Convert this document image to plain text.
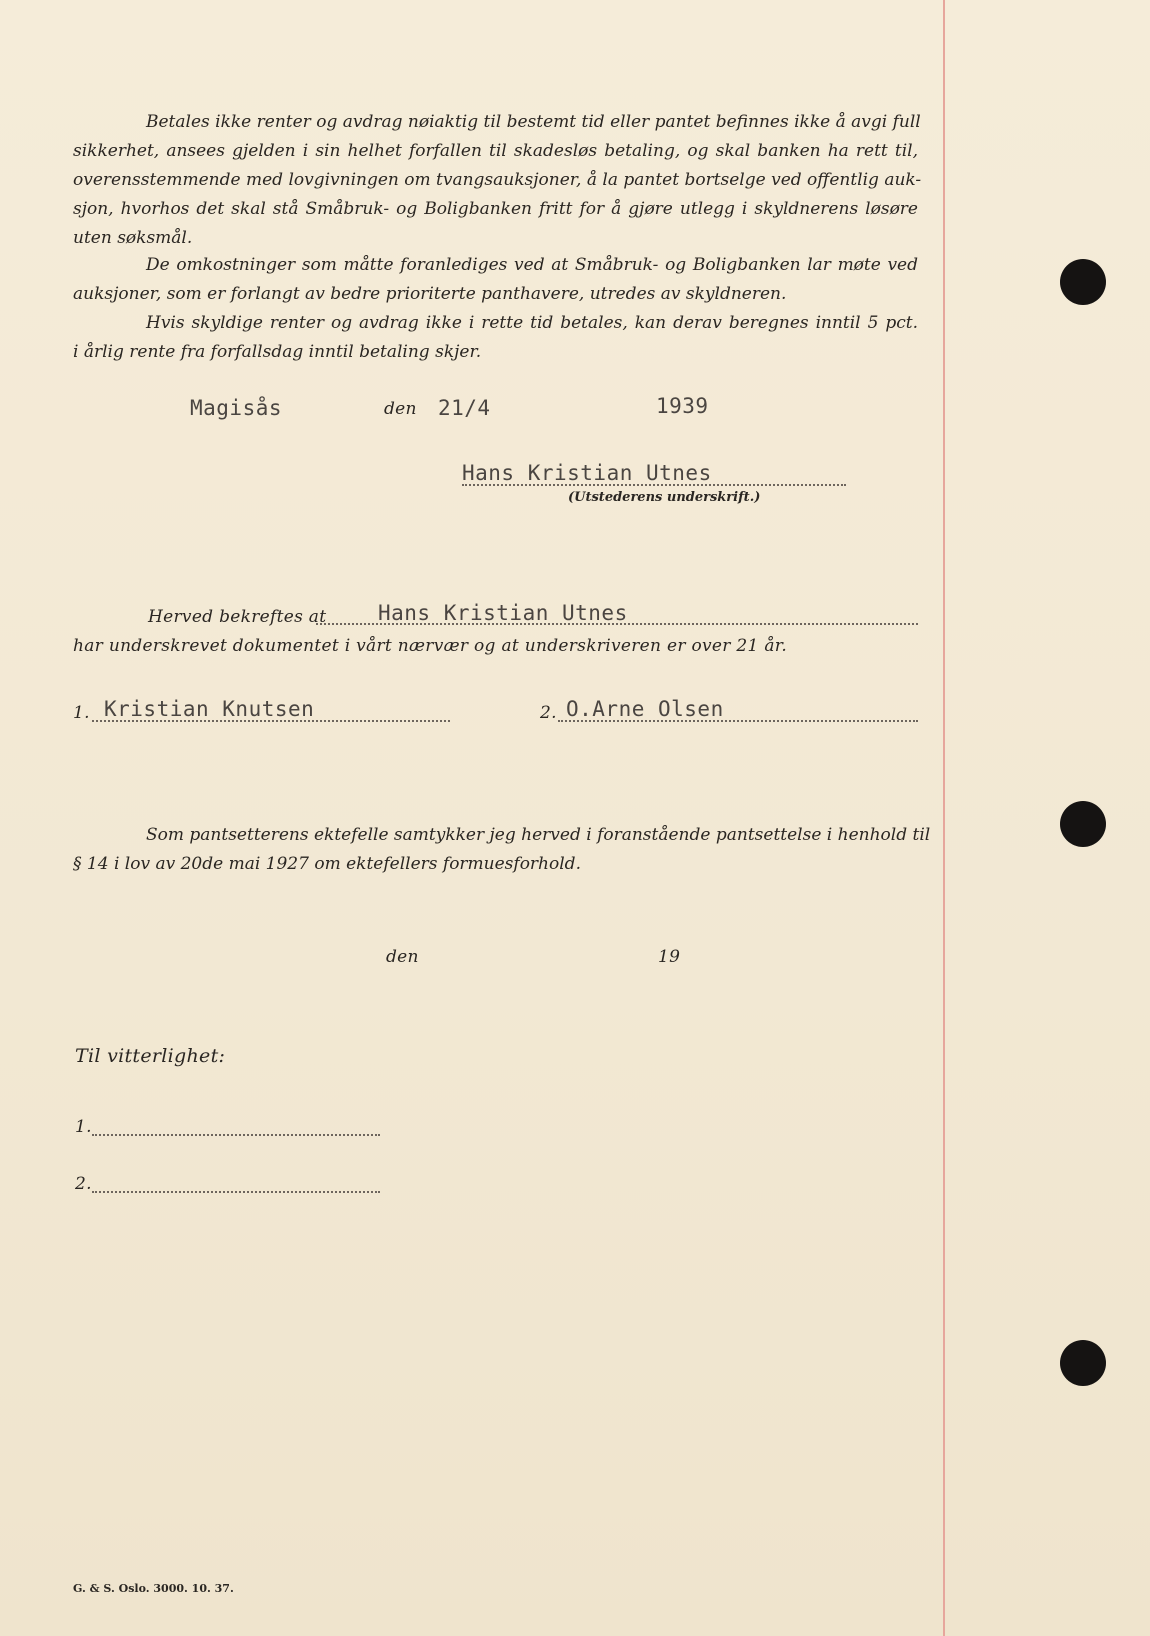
Betales ikke renter og avdrag nøiaktig til bestemt tid eller pantet befinnes ikke å avgi full
sikkerhet, ansees gjelden i sin helhet forfallen til skadesløs betaling, og skal banken ha rett til,
overensstemmende med lovgivningen om tvangsauksjoner, å la pantet bortselge ved offentlig auk-
sjon, hvorhos det skal stå Småbruk- og Boligbanken fritt for å gjøre utlegg i skyldnerens løsøre
uten søksmål.
De omkostninger som måtte foranlediges ved at Småbruk- og Boligbanken lar møte ved
auksjoner, som er forlangt av bedre prioriterte panthavere, utredes av skyldneren.
Hvis skyldige renter og avdrag ikke i rette tid betales, kan derav beregnes inntil 5 pct.
i årlig rente fra forfallsdag inntil betaling skjer.
Magisås	den 21/4	1939
Hans Kristian Utnes
(Utstederens underskrift.)
Herved bekreftes at Hans Kristian Utnes
har underskrevet dokumentet i vårt nærvær og at underskriveren er over 21 år.
1. Kristian Knutsen	2. O.Arne Olsen
Som pantsetterens ektefelle samtykker jeg herved i foranstående pantsettelse i henhold til
§ 14 i lov av 20de mai 1927 om ektefellers formuesforhold.
den	19
Til vitterlighet:
1.
2.
G. & S. Oslo. 3000. 10. 37.
